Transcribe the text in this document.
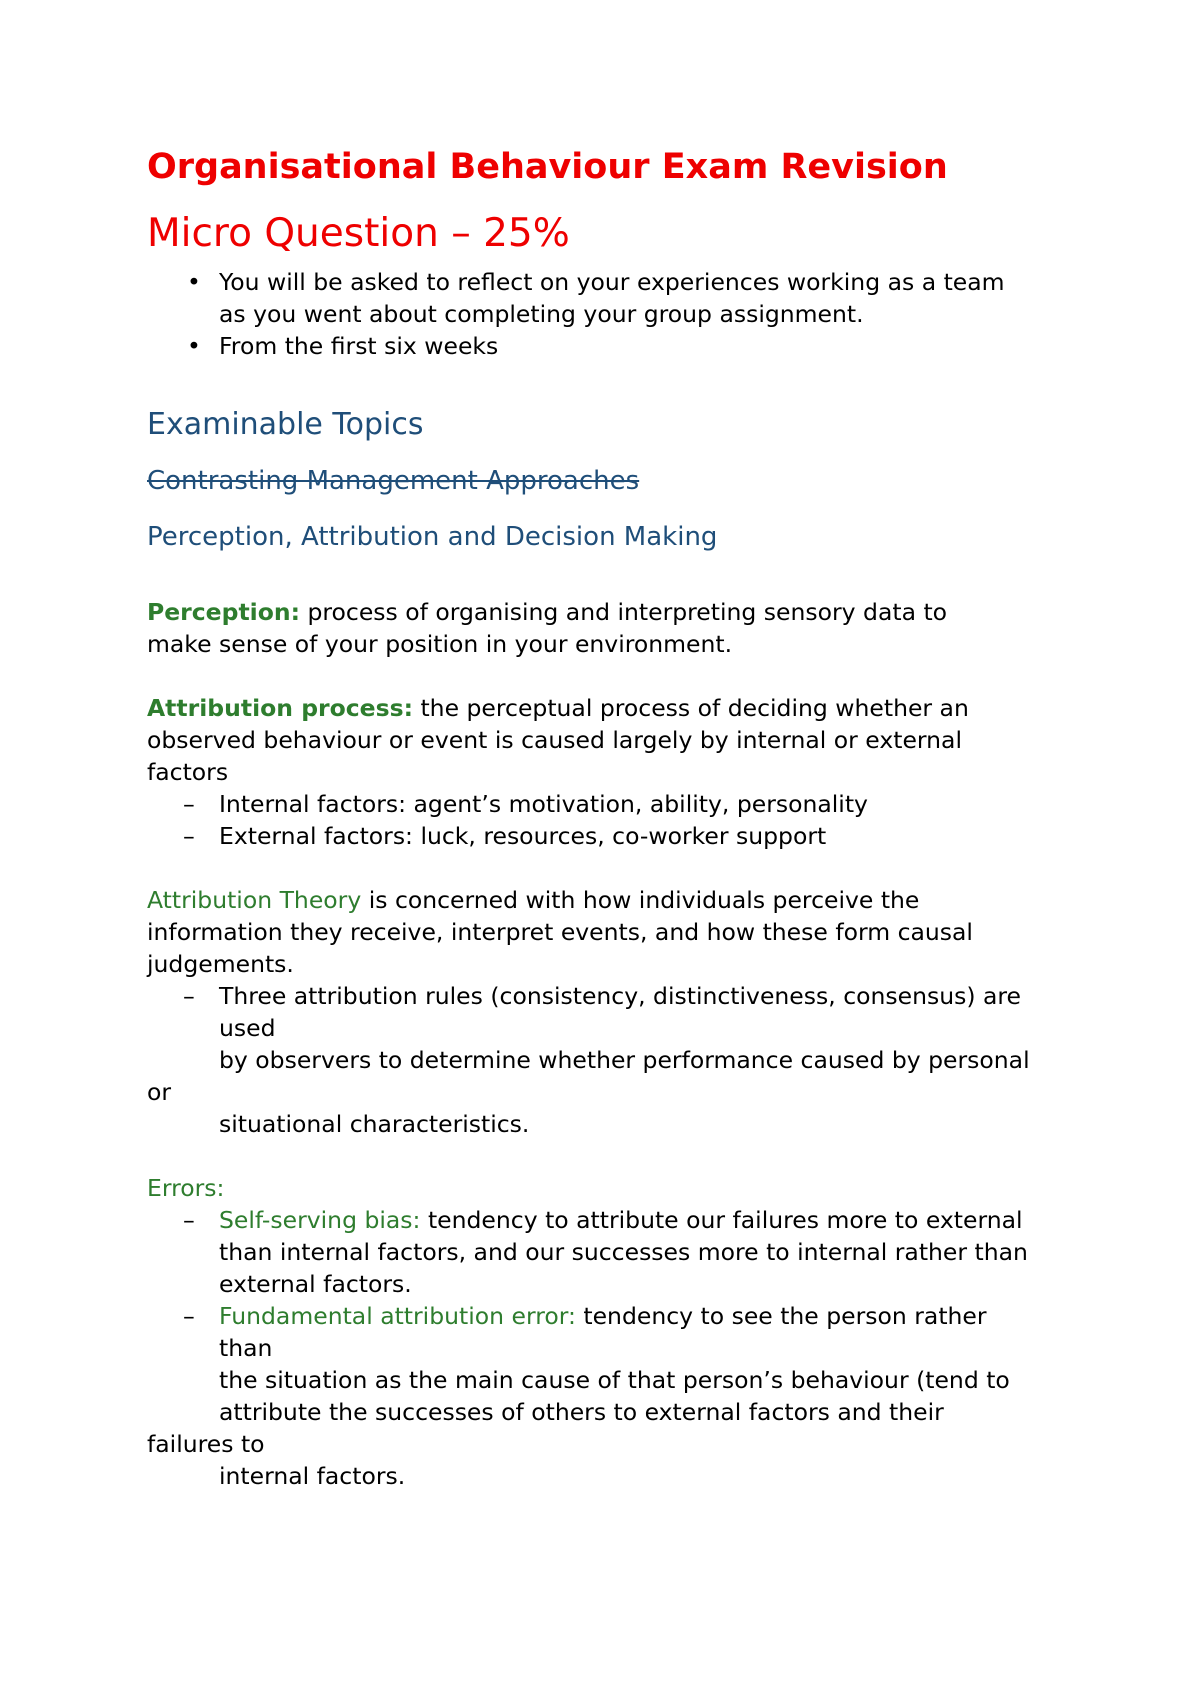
Organisational Behaviour Exam Revision
Micro Question – 25%
• You will be asked to reflect on your experiences working as a team
as you went about completing your group assignment.
• From the first six weeks
Examinable Topics
Contrasting Management Approaches
Perception, Attribution and Decision Making
Perception: process of organising and interpreting sensory data to
make sense of your position in your environment.
Attribution process: the perceptual process of deciding whether an
observed behaviour or event is caused largely by internal or external
factors
– Internal factors: agent’s motivation, ability, personality
– External factors: luck, resources, co-worker support
Attribution Theory is concerned with how individuals perceive the
information they receive, interpret events, and how these form causal
judgements.
– Three attribution rules (consistency, distinctiveness, consensus) are
used
by observers to determine whether performance caused by personal
or
situational characteristics.
Errors:
– Self-serving bias: tendency to attribute our failures more to external
than internal factors, and our successes more to internal rather than
external factors.
– Fundamental attribution error: tendency to see the person rather
than
the situation as the main cause of that person’s behaviour (tend to
attribute the successes of others to external factors and their
failures to
internal factors.
